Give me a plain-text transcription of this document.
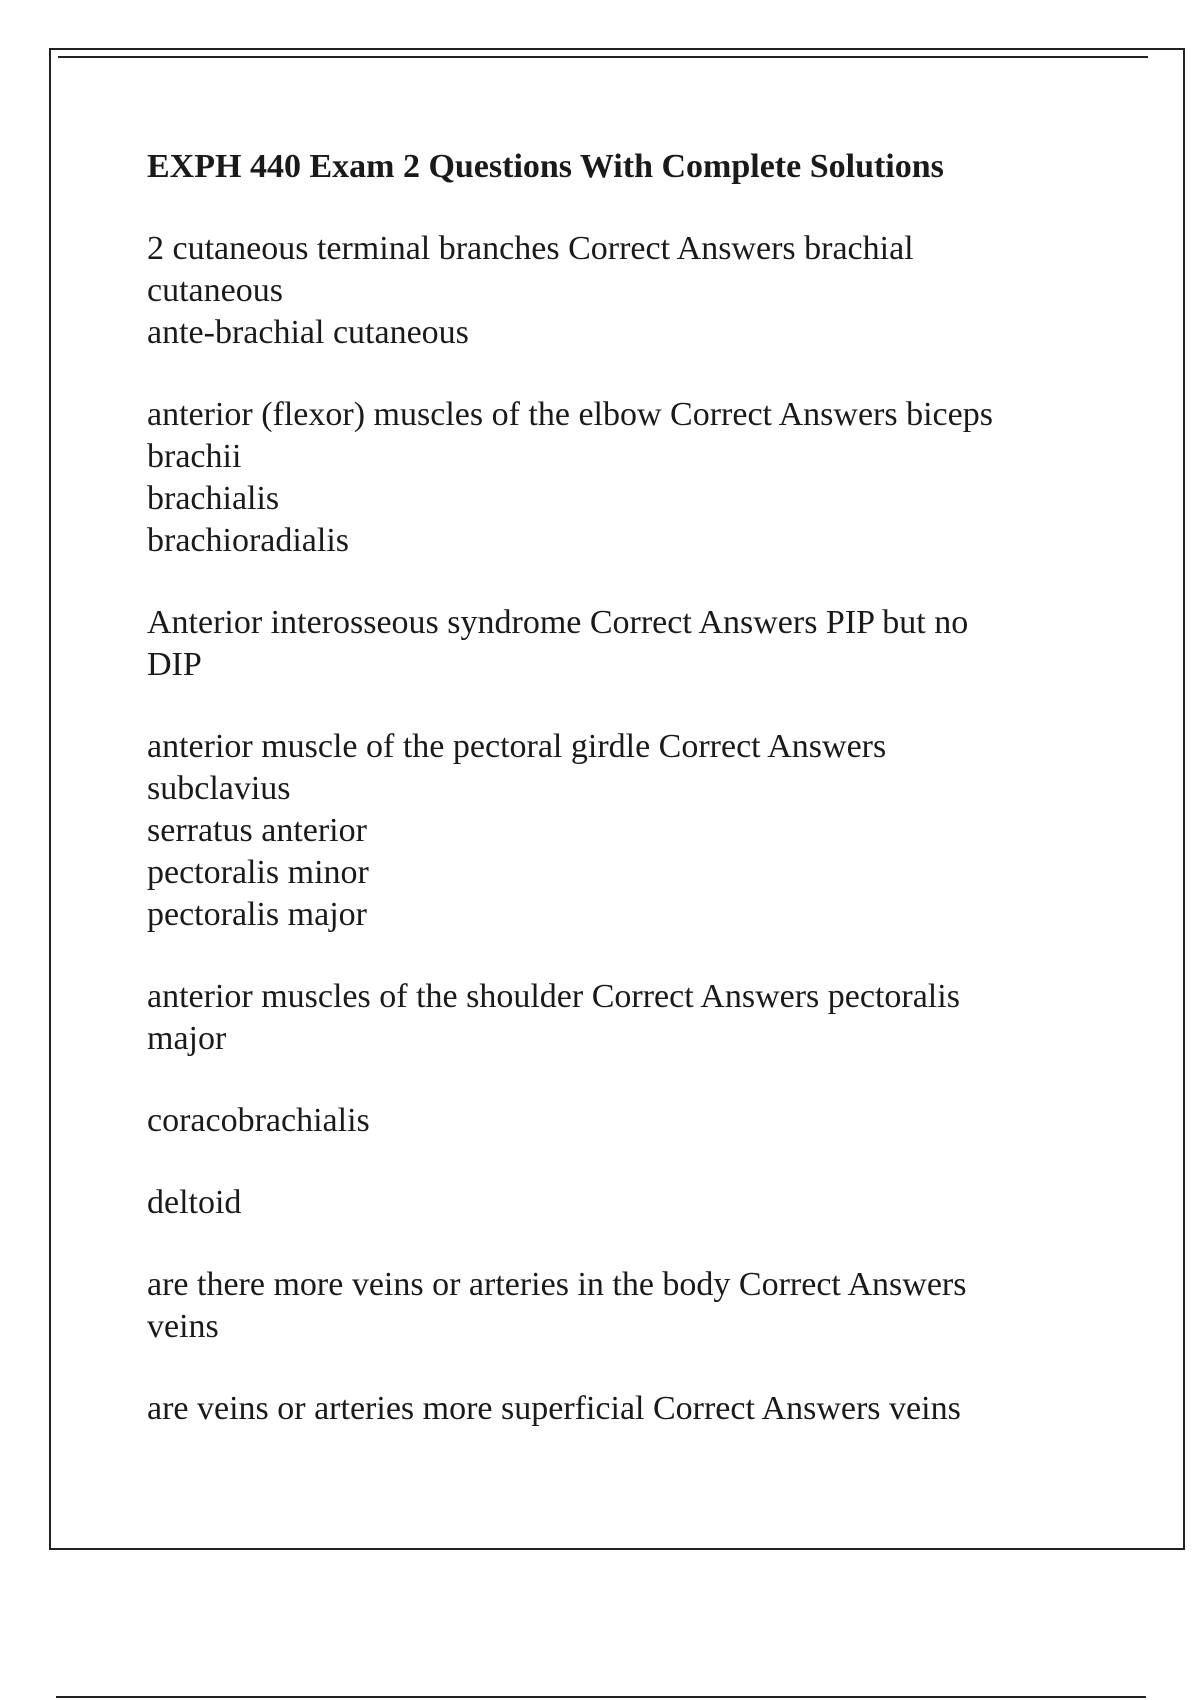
EXPH 440 Exam 2 Questions With Complete Solutions
2 cutaneous terminal branches Correct Answers brachial
cutaneous
ante-brachial cutaneous
anterior (flexor) muscles of the elbow Correct Answers biceps
brachii
brachialis
brachioradialis
Anterior interosseous syndrome Correct Answers PIP but no
DIP
anterior muscle of the pectoral girdle Correct Answers
subclavius
serratus anterior
pectoralis minor
pectoralis major
anterior muscles of the shoulder Correct Answers pectoralis
major
coracobrachialis
deltoid
are there more veins or arteries in the body Correct Answers
veins
are veins or arteries more superficial Correct Answers veins
